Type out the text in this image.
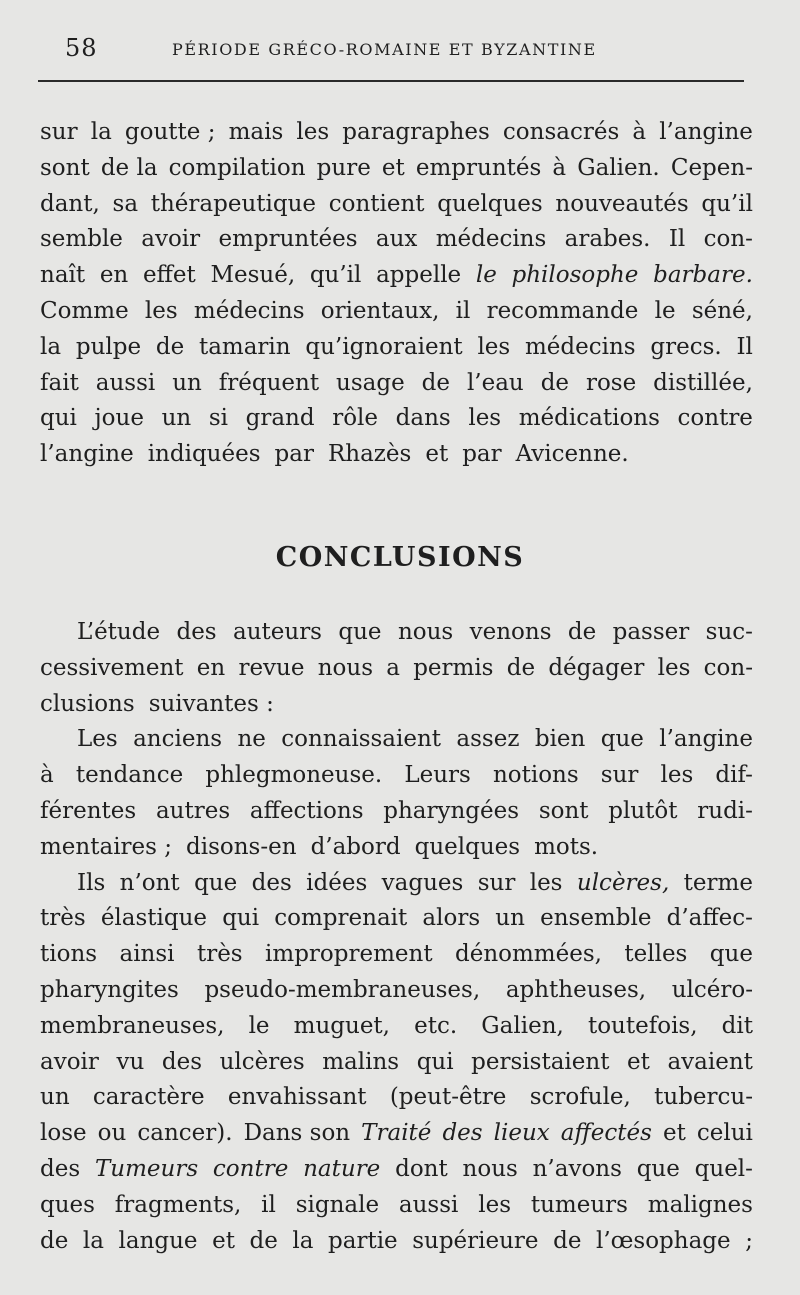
58	PÉRIODE GRÉCO-ROMAINE ET BYZANTINE
sur la goutte ; mais les paragraphes consacrés à l’angine
sont de la compilation pure et empruntés à Galien. Cepen-
dant, sa thérapeutique contient quelques nouveautés qu’il
semble avoir empruntées aux médecins arabes. Il con-
naît en effet Mesué, qu’il appelle le philosophe barbare.
Comme les médecins orientaux, il recommande le séné,
la pulpe de tamarin qu’ignoraient les médecins grecs. Il
fait aussi un fréquent usage de l’eau de rose distillée,
qui joue un si grand rôle dans les médications contre
l’angine indiquées par Rhazès et par Avicenne.
CONCLUSIONS
L’étude des auteurs que nous venons de passer suc-
cessivement en revue nous a permis de dégager les con-
clusions suivantes :
Les anciens ne connaissaient assez bien que l’angine
à tendance phlegmoneuse. Leurs notions sur les dif-
férentes autres affections pharyngées sont plutôt rudi-
mentaires ; disons-en d’abord quelques mots.
Ils n’ont que des idées vagues sur les ulcères, terme
très élastique qui comprenait alors un ensemble d’affec-
tions ainsi très improprement dénommées, telles que
pharyngites pseudo-membraneuses, aphtheuses, ulcéro-
membraneuses, le muguet, etc. Galien, toutefois, dit
avoir vu des ulcères malins qui persistaient et avaient
un caractère envahissant (peut-être scrofule, tubercu-
lose ou cancer). Dans son Traité des lieux affectés et celui
des Tumeurs contre nature dont nous n’avons que quel-
ques fragments, il signale aussi les tumeurs malignes
de la langue et de la partie supérieure de l’œsophage ;
